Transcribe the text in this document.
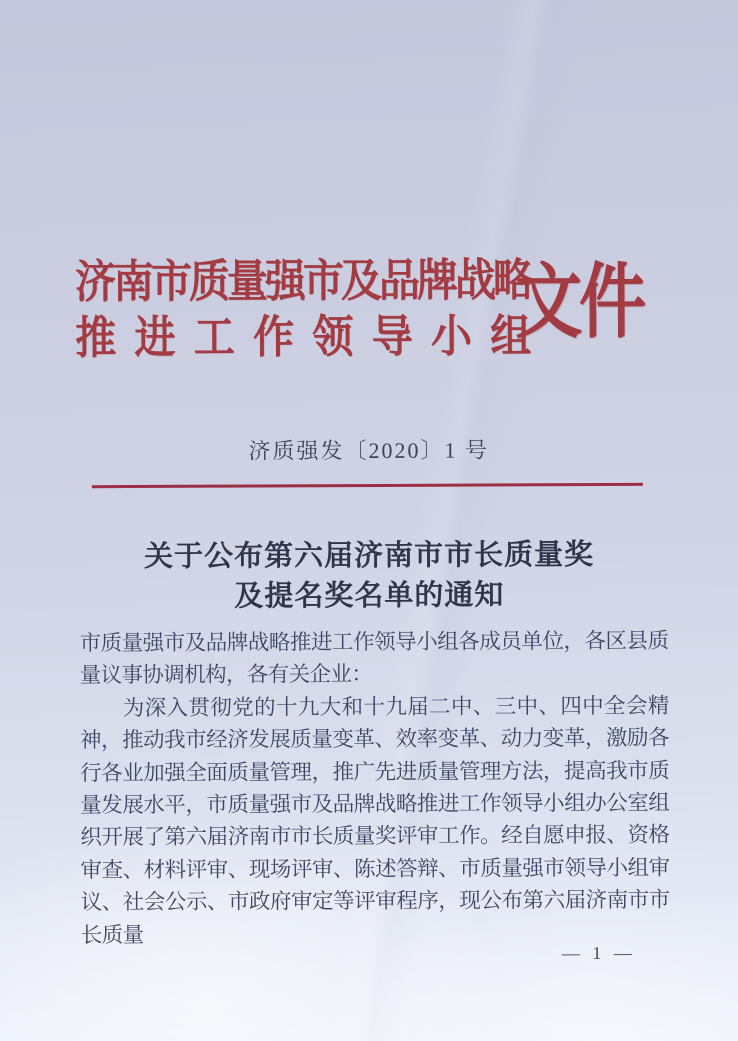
济南市质量强市及品牌战略
推进工作领导小组
文件
济质强发〔2020〕1 号
关于公布第六届济南市市长质量奖
及提名奖名单的通知

市质量强市及品牌战略推进工作领导小组各成员单位，各区县质量议事协调机构，各有关企业：

为深入贯彻党的十九大和十九届二中、三中、四中全会精神，推动我市经济发展质量变革、效率变革、动力变革，激励各行各业加强全面质量管理，推广先进质量管理方法，提高我市质量发展水平，市质量强市及品牌战略推进工作领导小组办公室组织开展了第六届济南市市长质量奖评审工作。经自愿申报、资格审查、材料评审、现场评审、陈述答辩、市质量强市领导小组审议、社会公示、市政府审定等评审程序，现公布第六届济南市市长质量

— 1 —
